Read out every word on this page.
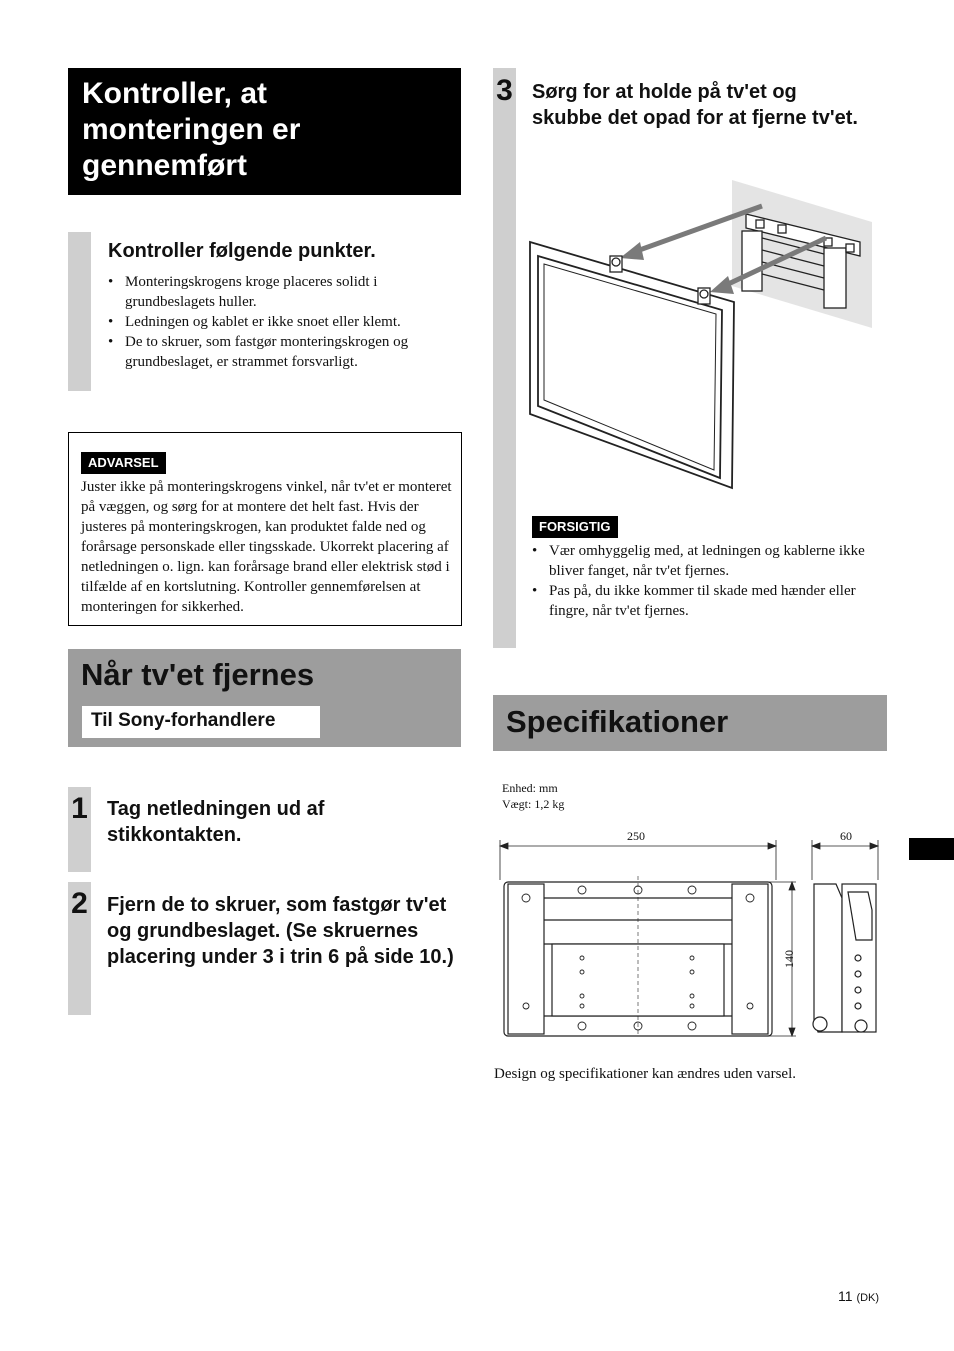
Kontroller, at monteringen er gennemført
Kontroller følgende punkter.
• Monteringskrogens kroge placeres solidt i grundbeslagets huller.
• Ledningen og kablet er ikke snoet eller klemt.
• De to skruer, som fastgør monteringskrogen og grundbeslaget, er strammet forsvarligt.
ADVARSEL
Juster ikke på monteringskrogens vinkel, når tv'et er monteret på væggen, og sørg for at montere det helt fast. Hvis der justeres på monteringskrogen, kan produktet falde ned og forårsage personskade eller tingsskade. Ukorrekt placering af netledningen o. lign. kan forårsage brand eller elektrisk stød i tilfælde af en kortslutning. Kontroller gennemførelsen at monteringen for sikkerhed.
Når tv'et fjernes
Til Sony-forhandlere
1 Tag netledningen ud af stikkontakten.
2 Fjern de to skruer, som fastgør tv'et og grundbeslaget. (Se skruernes placering under 3 i trin 6 på side 10.)
3 Sørg for at holde på tv'et og skubbe det opad for at fjerne tv'et.
FORSIGTIG
• Vær omhyggelig med, at ledningen og kablerne ikke bliver fanget, når tv'et fjernes.
• Pas på, du ikke kommer til skade med hænder eller fingre, når tv'et fjernes.
Specifikationer
Enhed: mm
Vægt: 1,2 kg
250	60
140
Design og specifikationer kan ændres uden varsel.
11 (DK)
